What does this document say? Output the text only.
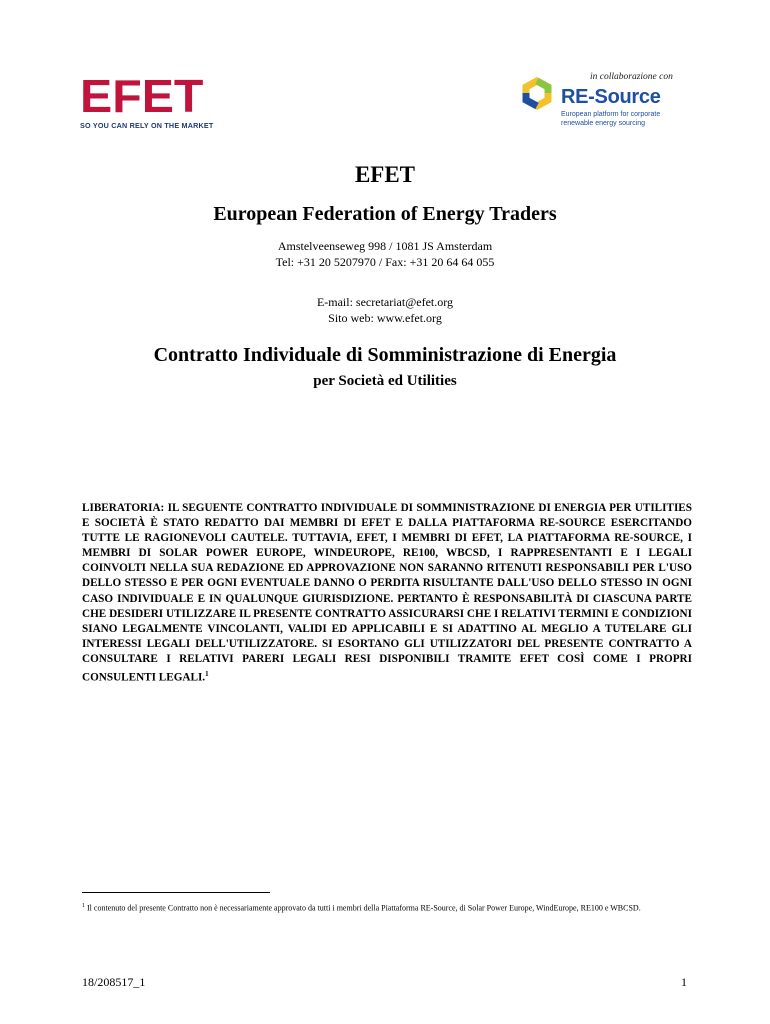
EFET
SO YOU CAN RELY ON THE MARKET
in collaborazione con
RE-Source
European platform for corporate
renewable energy sourcing
EFET
European Federation of Energy Traders
Amstelveenseweg 998 / 1081 JS Amsterdam
Tel: +31 20 5207970 / Fax: +31 20 64 64 055
E-mail: secretariat@efet.org
Sito web: www.efet.org
Contratto Individuale di Somministrazione di Energia
per Società ed Utilities
LIBERATORIA: IL SEGUENTE CONTRATTO INDIVIDUALE DI SOMMINISTRAZIONE DI ENERGIA PER UTILITIES E SOCIETÀ È STATO REDATTO DAI MEMBRI DI EFET E DALLA PIATTAFORMA RE-SOURCE ESERCITANDO TUTTE LE RAGIONEVOLI CAUTELE. TUTTAVIA, EFET, I MEMBRI DI EFET, LA PIATTAFORMA RE-SOURCE, I MEMBRI DI SOLAR POWER EUROPE, WINDEUROPE, RE100, WBCSD, I RAPPRESENTANTI E I LEGALI COINVOLTI NELLA SUA REDAZIONE ED APPROVAZIONE NON SARANNO RITENUTI RESPONSABILI PER L'USO DELLO STESSO E PER OGNI EVENTUALE DANNO O PERDITA RISULTANTE DALL'USO DELLO STESSO IN OGNI CASO INDIVIDUALE E IN QUALUNQUE GIURISDIZIONE. PERTANTO È RESPONSABILITÀ DI CIASCUNA PARTE CHE DESIDERI UTILIZZARE IL PRESENTE CONTRATTO ASSICURARSI CHE I RELATIVI TERMINI E CONDIZIONI SIANO LEGALMENTE VINCOLANTI, VALIDI ED APPLICABILI E SI ADATTINO AL MEGLIO A TUTELARE GLI INTERESSI LEGALI DELL'UTILIZZATORE. SI ESORTANO GLI UTILIZZATORI DEL PRESENTE CONTRATTO A CONSULTARE I RELATIVI PARERI LEGALI RESI DISPONIBILI TRAMITE EFET COSÌ COME I PROPRI CONSULENTI LEGALI.$^1$
$^1$ Il contenuto del presente Contratto non è necessariamente approvato da tutti i membri della Piattaforma RE-Source, di Solar Power Europe, WindEurope, RE100 e WBCSD.
18/208517_1	1
